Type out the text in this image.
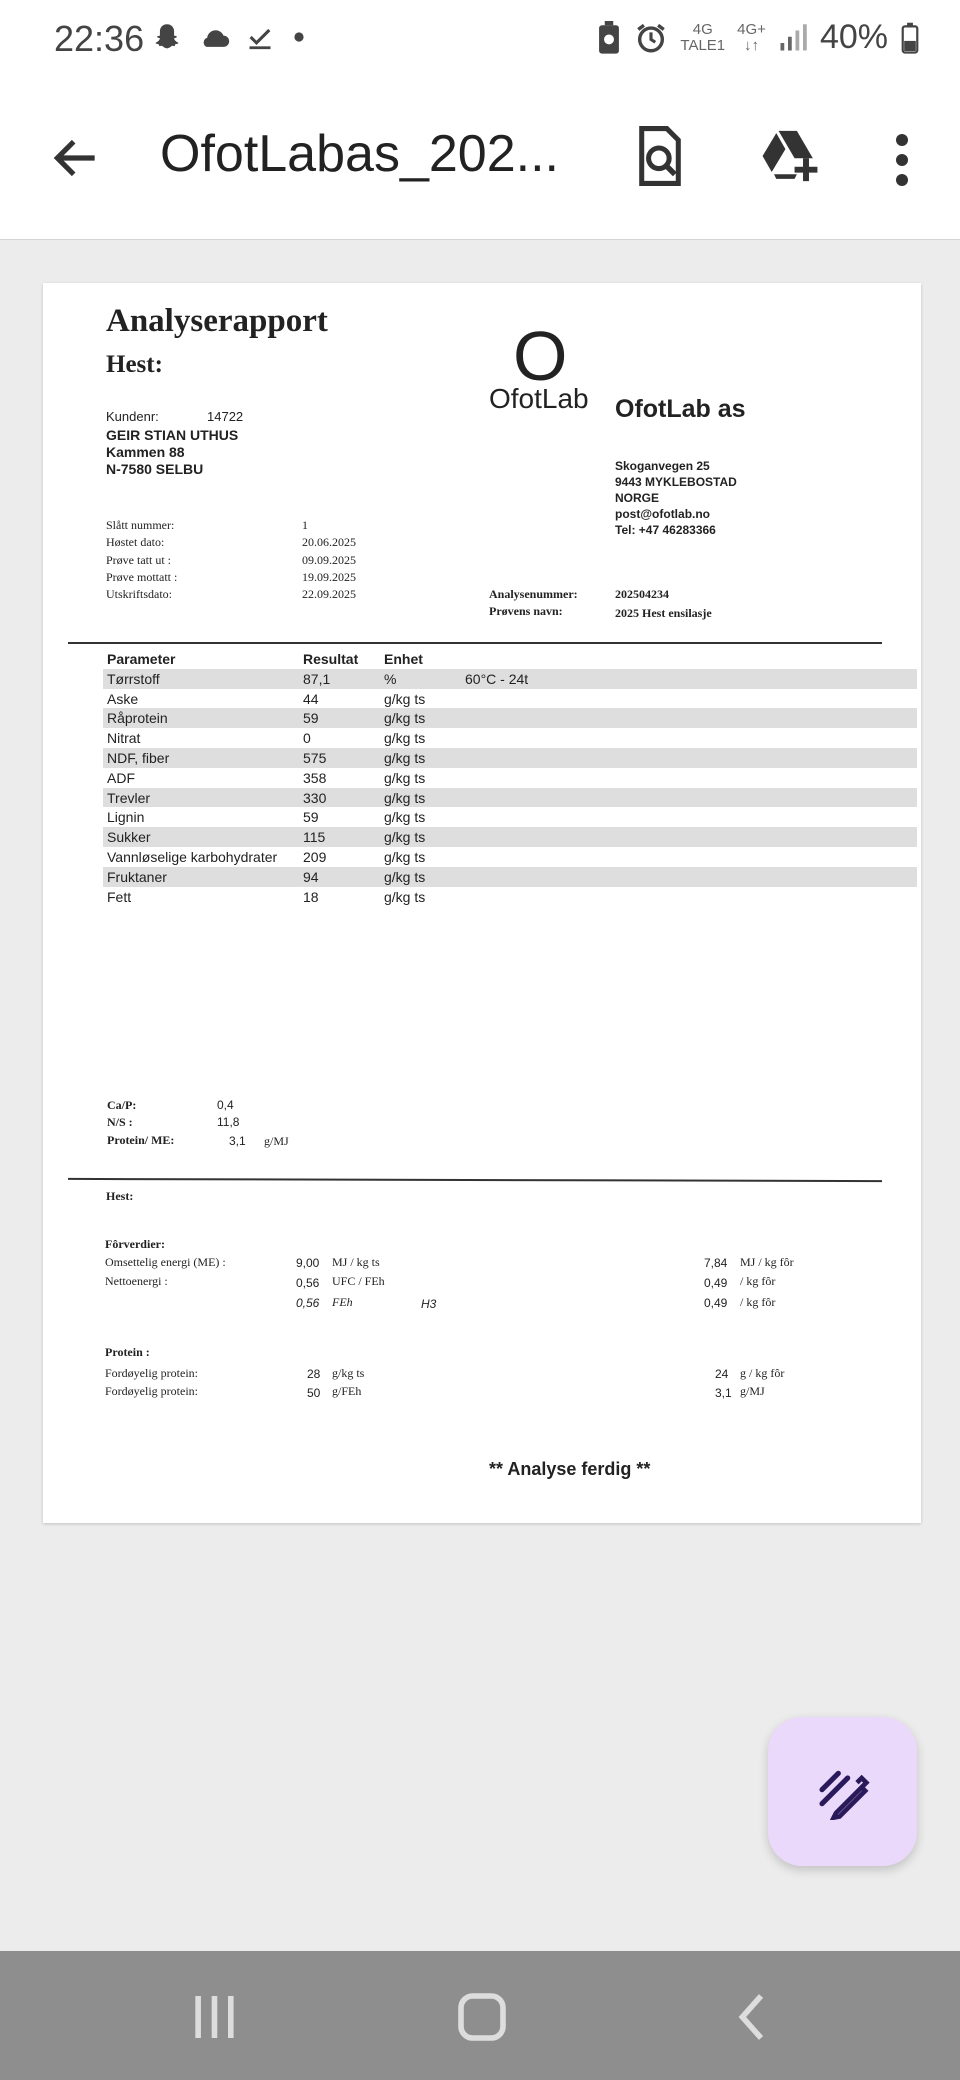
22:36	4G
TALE1
4G+
↓↑ 40%
OfotLabas_202...
Analyserapport
Hest:	O
OfotLab OfotLab as
Kundenr:	14722
GEIR STIAN UTHUS
Kammen 88
N-7580 SELBU	Skoganvegen 25
9443 MYKLEBOSTAD
NORGE
post@ofotlab.no
Tel: +47 46283366
Slått nummer:	1
Høstet dato:	20.06.2025
Prøve tatt ut :	09.09.2025
Prøve mottatt :	19.09.2025
Utskriftsdato:	22.09.2025	Analysenummer:	202504234
Prøvens navn:	2025 Hest ensilasje
Parameter	Resultat Enhet
Tørrstoff	87,1	%	60°C - 24t
Aske	44	g/kg ts
Råprotein	59	g/kg ts
Nitrat	0	g/kg ts
NDF, fiber	575	g/kg ts
ADF	358	g/kg ts
Trevler	330	g/kg ts
Lignin	59	g/kg ts
Sukker	115	g/kg ts
Vannløselige karbohydrater 209	g/kg ts
Fruktaner	94	g/kg ts
Fett	18	g/kg ts
Ca/P:	0,4
N/S :	11,8
Protein/ ME:	3,1 g/MJ
Hest:
Fôrverdier:
Omsettelig energi (ME) :	9,00 MJ / kg ts	7,84 MJ / kg fôr
Nettoenergi :	0,56 UFC / FEh	0,49 / kg fôr
0,56 FEh	H3	0,49 / kg fôr
Protein :
Fordøyelig protein:	28 g/kg ts	24 g / kg fôr
Fordøyelig protein:	50 g/FEh	3,1 g/MJ
** Analyse ferdig **
